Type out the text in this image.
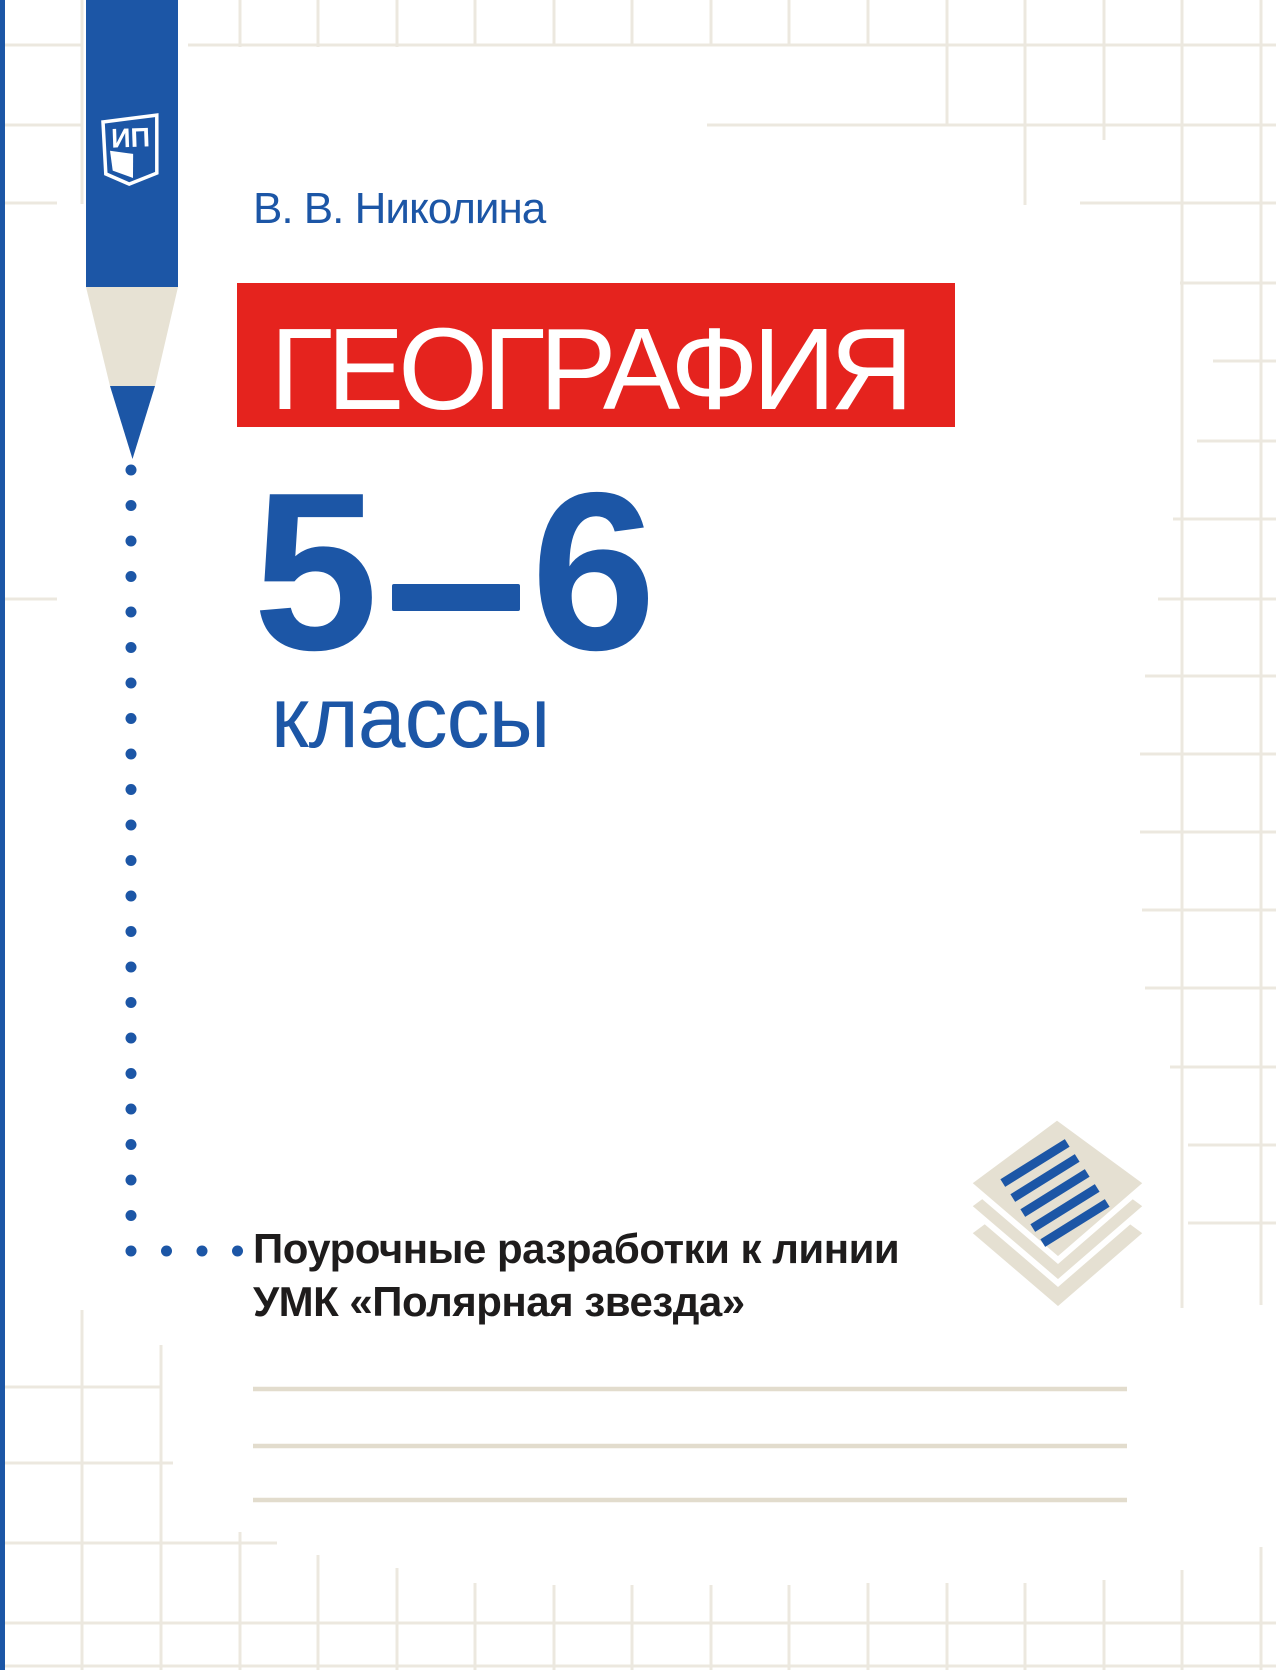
ИП
В. В. Николина
ГЕОГРАФИЯ
5 6
классы
Поурочные разработки к линии
УМК «Полярная звезда»
